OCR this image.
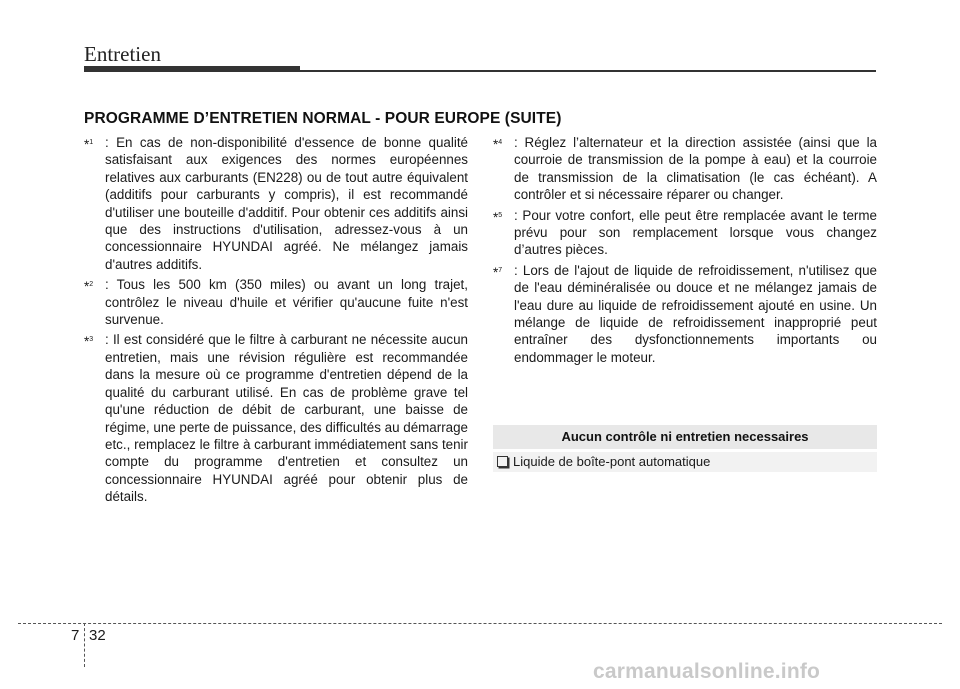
Entretien
PROGRAMME D’ENTRETIEN NORMAL - POUR EUROPE (SUITE)
*$^1$ : En cas de non-disponibilité d'essence de bonne qualité satisfaisant aux exigences des normes européennes relatives aux carburants (EN228) ou de tout autre équivalent (additifs pour carburants y compris), il est recommandé d'utiliser une bouteille d'additif. Pour obtenir ces additifs ainsi que des instructions d'utilisation, adressez-vous à un concessionnaire HYUNDAI agréé. Ne mélangez jamais d'autres additifs.
*$^2$ : Tous les 500 km (350 miles) ou avant un long trajet, contrôlez le niveau d'huile et vérifier qu'aucune fuite n'est survenue.
*$^3$ : Il est considéré que le filtre à carburant ne nécessite aucun entretien, mais une révision régulière est recommandée dans la mesure où ce programme d'entretien dépend de la qualité du carburant utilisé. En cas de problème grave tel qu'une réduction de débit de carburant, une baisse de régime, une perte de puissance, des difficultés au démarrage etc., remplacez le filtre à carburant immédiatement sans tenir compte du programme d'entretien et consultez un concessionnaire HYUNDAI agréé pour obtenir plus de détails.
*$^4$ : Réglez l’alternateur et la direction assistée (ainsi que la courroie de transmission de la pompe à eau) et la courroie de transmission de la climatisation (le cas échéant). A contrôler et si nécessaire réparer ou changer.
*$^5$ : Pour votre confort, elle peut être remplacée avant le terme prévu pour son remplacement lorsque vous changez d’autres pièces.
*$^7$ : Lors de l'ajout de liquide de refroidissement, n'utilisez que de l'eau déminéralisée ou douce et ne mélangez jamais de l'eau dure au liquide de refroidissement ajouté en usine. Un mélange de liquide de refroidissement inapproprié peut entraîner des dysfonctionnements importants ou endommager le moteur.
Aucun contrôle ni entretien necessaires
Liquide de boîte-pont automatique
7 32
carmanualsonline.info
